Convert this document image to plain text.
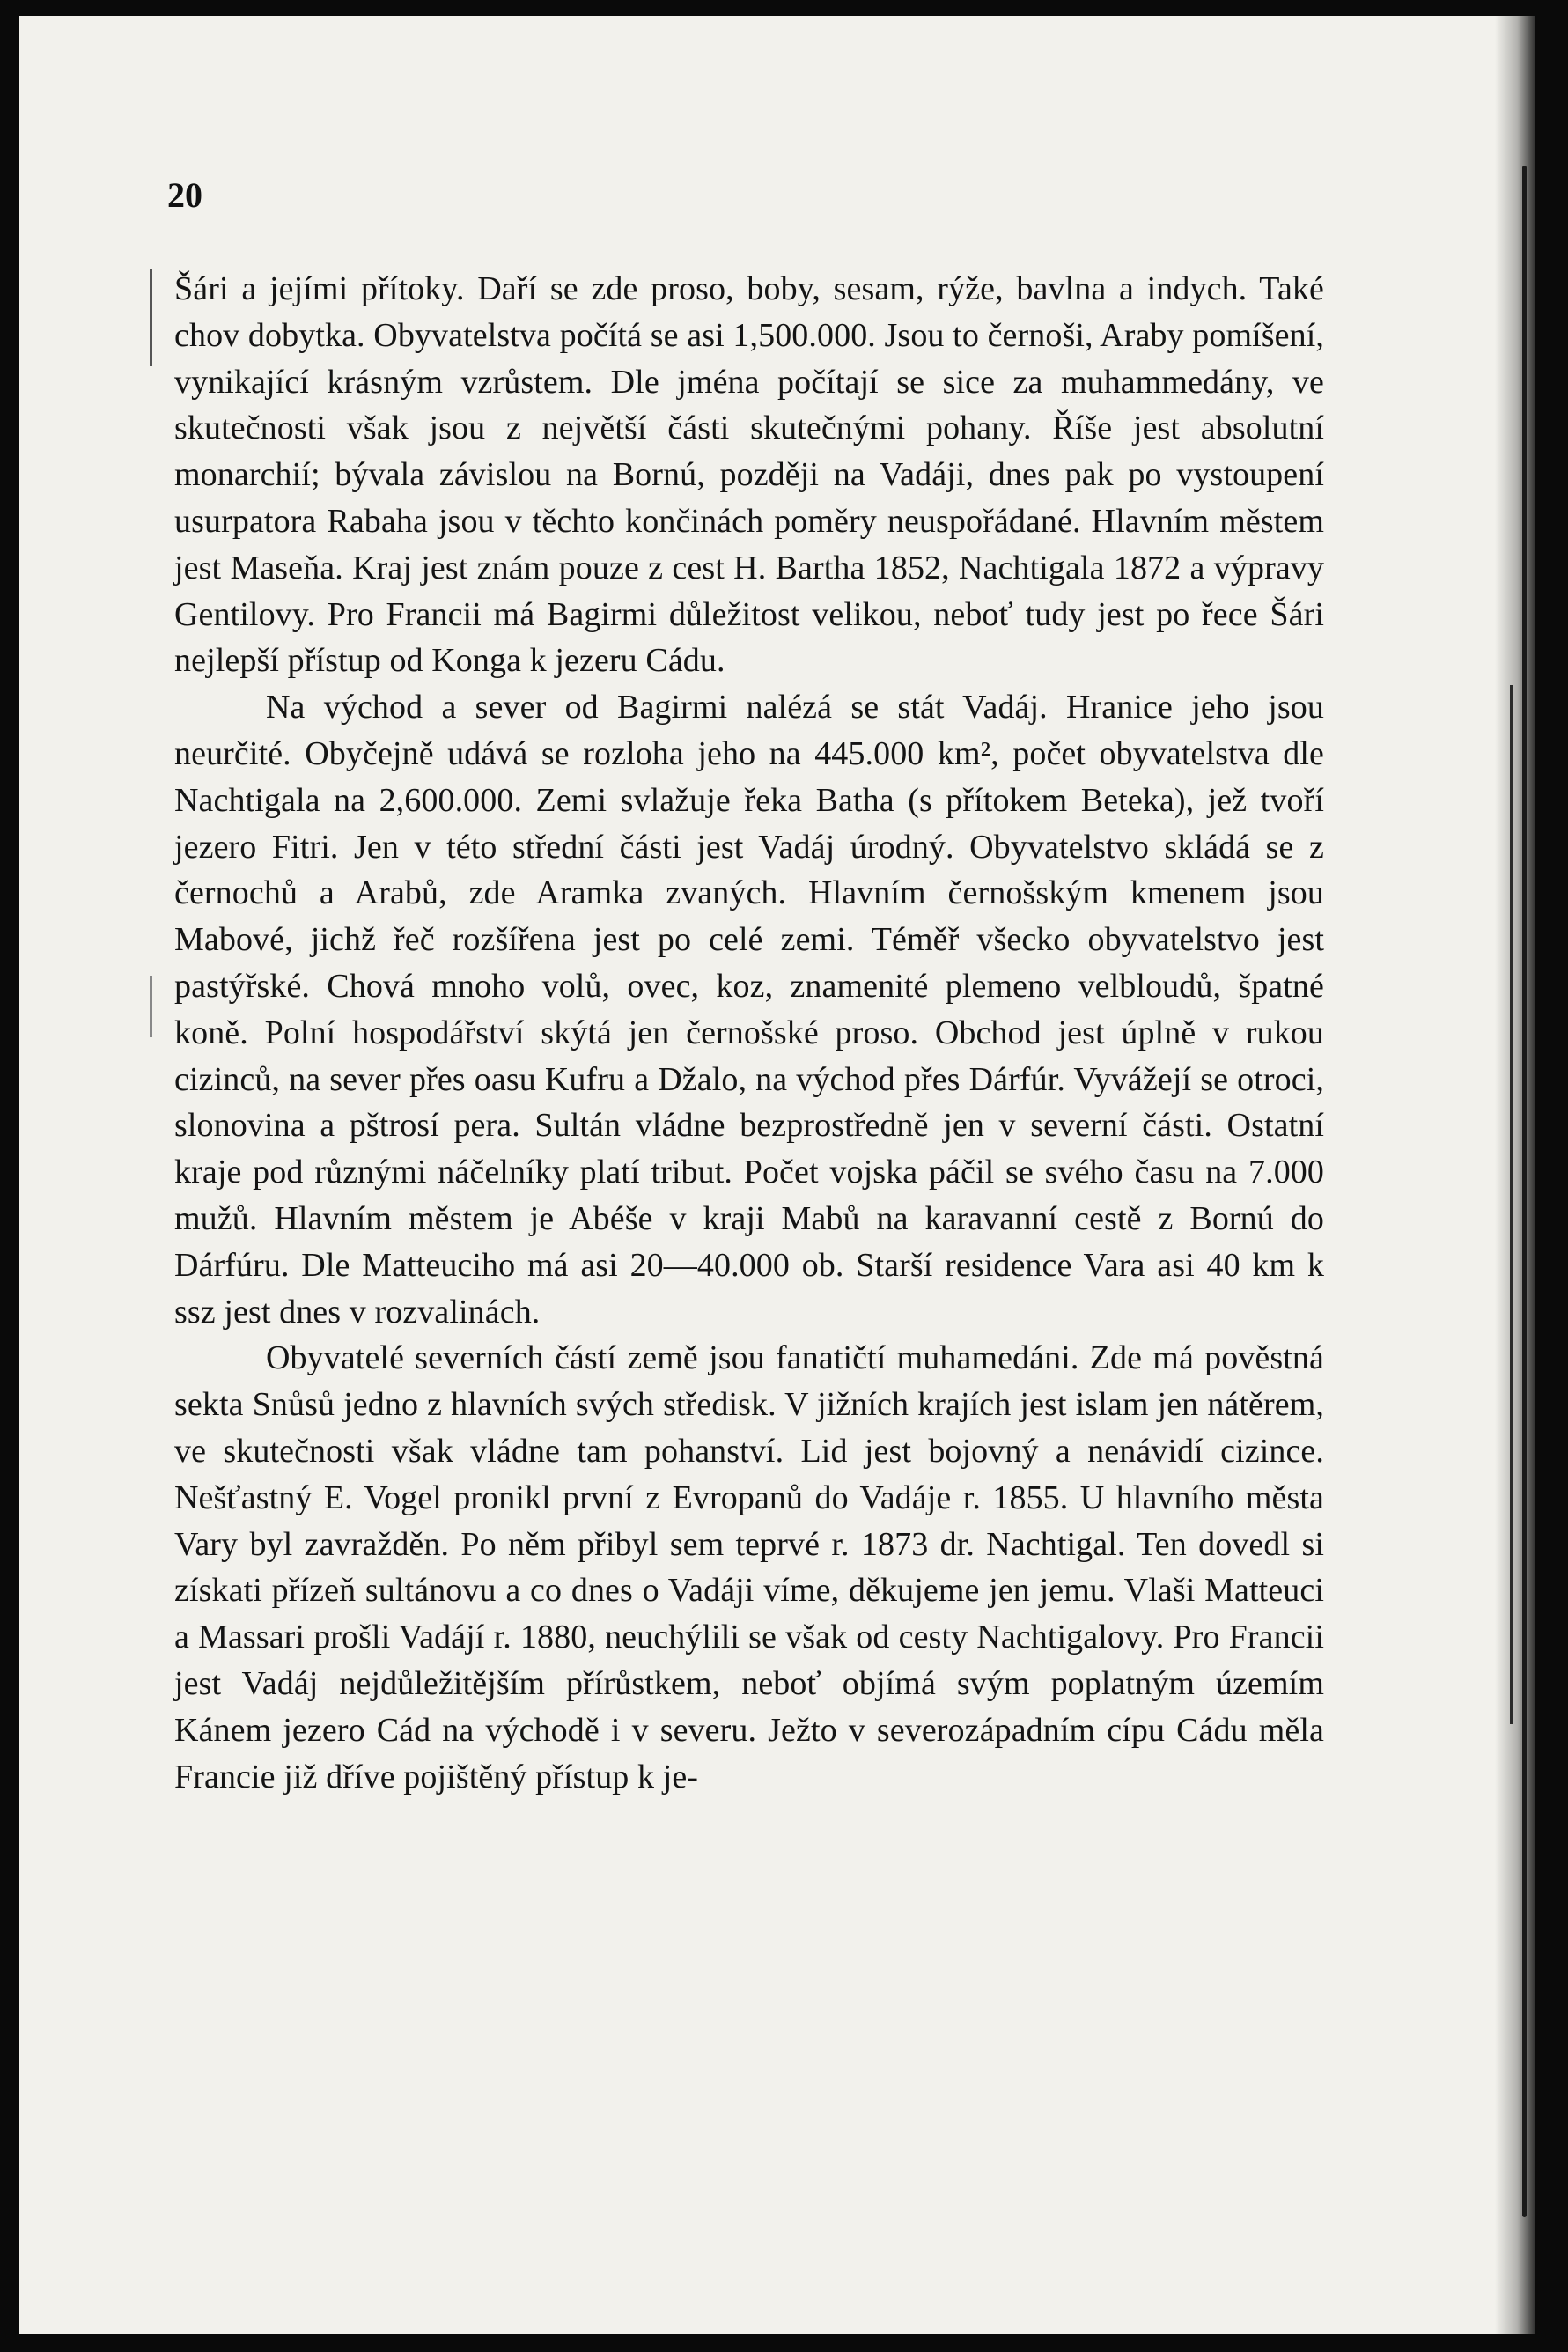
20

Šári a jejími přítoky. Daří se zde proso, boby, sesam, rýže, bavlna a indych. Také chov dobytka. Obyvatelstva počítá se asi 1,500.000. Jsou to černoši, Araby pomíšení, vynikající krásným vzrůstem. Dle jména počítají se sice za muhammedány, ve skutečnosti však jsou z největší části skutečnými pohany. Říše jest absolutní monarchií; bývala závislou na Bornú, později na Vadáji, dnes pak po vystoupení usurpatora Rabaha jsou v těchto končinách poměry neuspořádané. Hlavním městem jest Maseňa. Kraj jest znám pouze z cest H. Bartha 1852, Nachtigala 1872 a výpravy Gentilovy. Pro Francii má Bagirmi důležitost velikou, neboť tudy jest po řece Šári nejlepší přístup od Konga k jezeru Cádu.

Na východ a sever od Bagirmi nalézá se stát Vadáj. Hranice jeho jsou neurčité. Obyčejně udává se rozloha jeho na 445.000 km², počet obyvatelstva dle Nachtigala na 2,600.000. Zemi svlažuje řeka Batha (s přítokem Beteka), jež tvoří jezero Fitri. Jen v této střední části jest Vadáj úrodný. Obyvatelstvo skládá se z černochů a Arabů, zde Aramka zvaných. Hlavním černošským kmenem jsou Mabové, jichž řeč rozšířena jest po celé zemi. Téměř všecko obyvatelstvo jest pastýřské. Chová mnoho volů, ovec, koz, znamenité plemeno velbloudů, špatné koně. Polní hospodářství skýtá jen černošské proso. Obchod jest úplně v rukou cizinců, na sever přes oasu Kufru a Džalo, na východ přes Dárfúr. Vyvážejí se otroci, slonovina a pštrosí pera. Sultán vládne bezprostředně jen v severní části. Ostatní kraje pod různými náčelníky platí tribut. Počet vojska páčil se svého času na 7.000 mužů. Hlavním městem je Abéše v kraji Mabů na karavanní cestě z Bornú do Dárfúru. Dle Matteuciho má asi 20—40.000 ob. Starší residence Vara asi 40 km k ssz jest dnes v rozvalinách.

Obyvatelé severních částí země jsou fanatičtí muhamedáni. Zde má pověstná sekta Snůsů jedno z hlavních svých středisk. V jižních krajích jest islam jen nátěrem, ve skutečnosti však vládne tam pohanství. Lid jest bojovný a nenávidí cizince. Nešťastný E. Vogel pronikl první z Evropanů do Vadáje r. 1855. U hlavního města Vary byl zavražděn. Po něm přibyl sem teprvé r. 1873 dr. Nachtigal. Ten dovedl si získati přízeň sultánovu a co dnes o Vadáji víme, děkujeme jen jemu. Vlaši Matteuci a Massari prošli Vadájí r. 1880, neuchýlili se však od cesty Nachtigalovy. Pro Francii jest Vadáj nejdůležitějším přírůstkem, neboť objímá svým poplatným územím Kánem jezero Cád na východě i v severu. Ježto v severozápadním cípu Cádu měla Francie již dříve pojištěný přístup k je-
